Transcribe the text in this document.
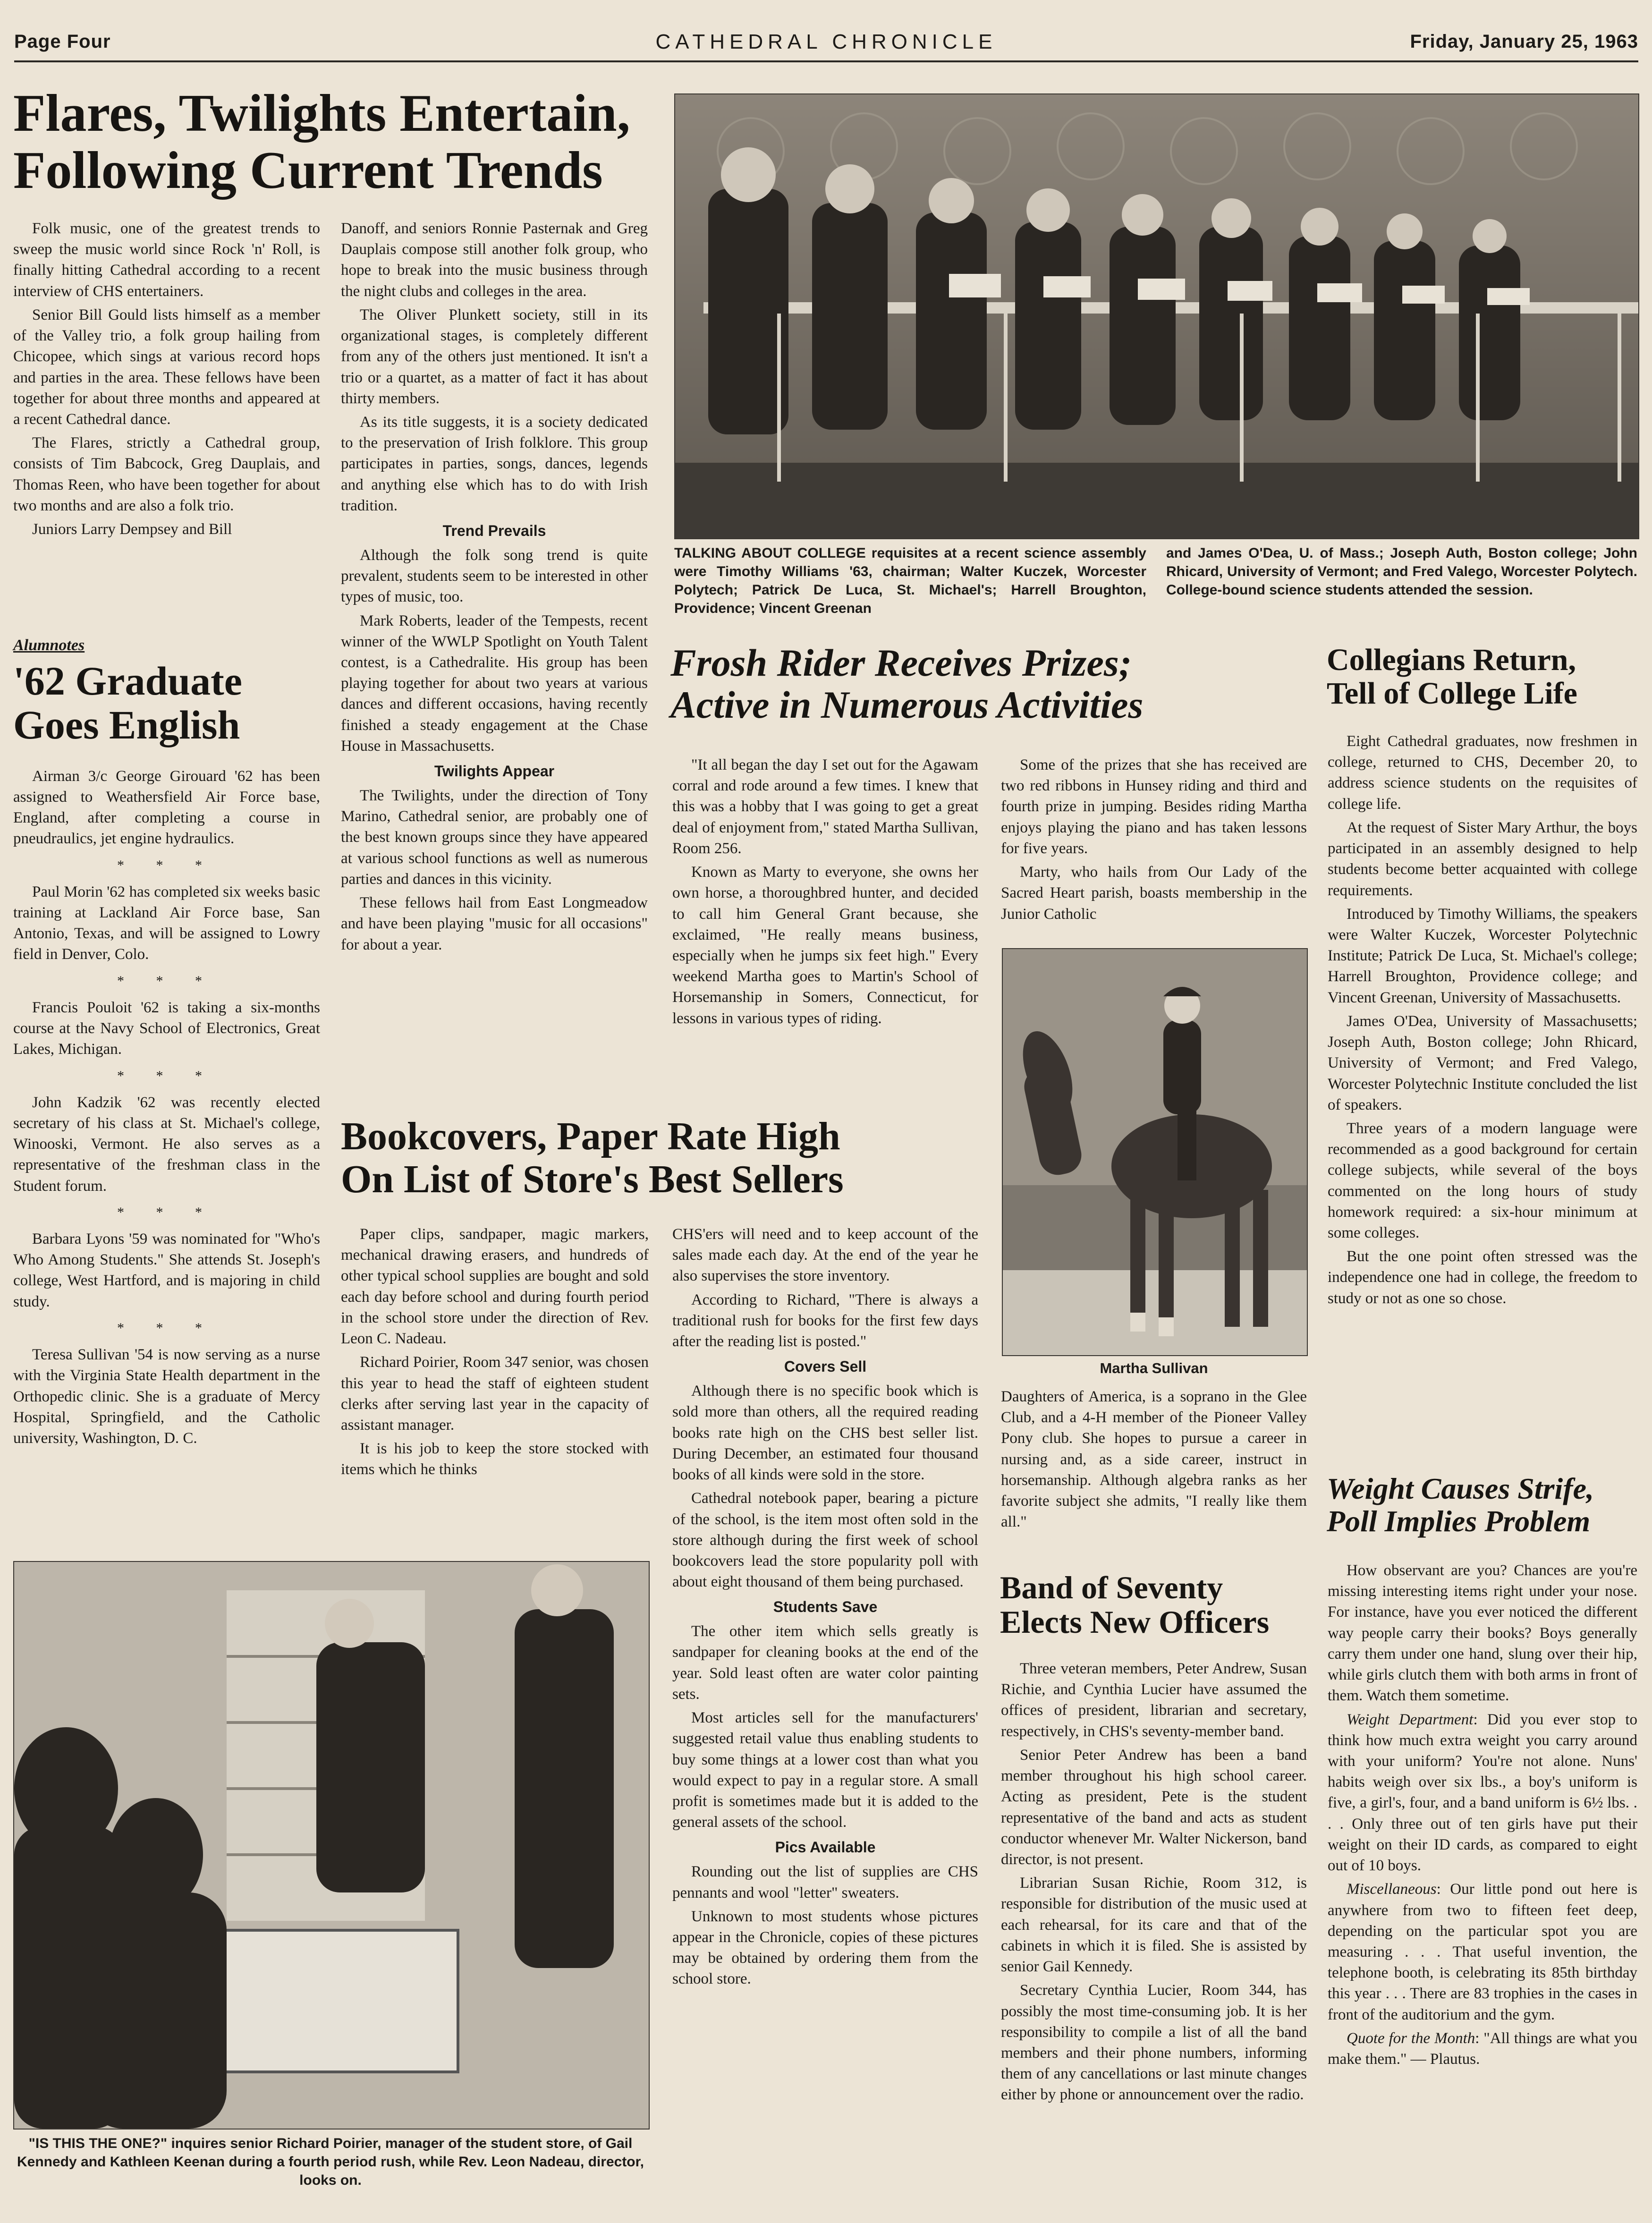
Page Four	CATHEDRAL CHRONICLE	Friday, January 25, 1963
Flares, Twilights Entertain,
Following Current Trends

Folk music, one of the greatest trends to sweep the music world since Rock 'n' Roll, is finally hitting Cathedral according to a recent interview of CHS entertainers.

Senior Bill Gould lists himself as a member of the Valley trio, a folk group hailing from Chicopee, which sings at various record hops and parties in the area. These fellows have been together for about three months and appeared at a recent Cathedral dance.

The Flares, strictly a Cathedral group, consists of Tim Babcock, Greg Dauplais, and Thomas Reen, who have been together for about two months and are also a folk trio.

Juniors Larry Dempsey and Bill

Danoff, and seniors Ronnie Pasternak and Greg Dauplais compose still another folk group, who hope to break into the music business through the night clubs and colleges in the area.

The Oliver Plunkett society, still in its organizational stages, is completely different from any of the others just mentioned. It isn't a trio or a quartet, as a matter of fact it has about thirty members.

As its title suggests, it is a society dedicated to the preservation of Irish folklore. This group participates in parties, songs, dances, legends and anything else which has to do with Irish tradition.

Trend Prevails

Although the folk song trend is quite prevalent, students seem to be interested in other types of music, too.

Mark Roberts, leader of the Tempests, recent winner of the WWLP Spotlight on Youth Talent contest, is a Cathedralite. His group has been playing together for about two years at various dances and different occasions, having recently finished a steady engagement at the Chase House in Massachusetts.

Twilights Appear

The Twilights, under the direction of Tony Marino, Cathedral senior, are probably one of the best known groups since they have appeared at various school functions as well as numerous parties and dances in this vicinity.

These fellows hail from East Longmeadow and have been playing "music for all occasions" for about a year.

TALKING ABOUT COLLEGE requisites at a recent science assembly were Timothy Williams '63, chairman; Walter Kuczek, Worcester Polytech; Patrick De Luca, St. Michael's; Harrell Broughton, Providence; Vincent Greenan
and James O'Dea, U. of Mass.; Joseph Auth, Boston college; John Rhicard, University of Vermont; and Fred Valego, Worcester Polytech. College-bound science students attended the session.
Alumnotes
'62 Graduate
Goes English

Airman 3/c George Girouard '62 has been assigned to Weathersfield Air Force base, England, after completing a course in pneudraulics, jet engine hydraulics.

* * *

Paul Morin '62 has completed six weeks basic training at Lackland Air Force base, San Antonio, Texas, and will be assigned to Lowry field in Denver, Colo.

* * *

Francis Pouloit '62 is taking a six-months course at the Navy School of Electronics, Great Lakes, Michigan.

* * *

John Kadzik '62 was recently elected secretary of his class at St. Michael's college, Winooski, Vermont. He also serves as a representative of the freshman class in the Student forum.

* * *

Barbara Lyons '59 was nominated for "Who's Who Among Students." She attends St. Joseph's college, West Hartford, and is majoring in child study.

* * *

Teresa Sullivan '54 is now serving as a nurse with the Virginia State Health department in the Orthopedic clinic. She is a graduate of Mercy Hospital, Springfield, and the Catholic university, Washington, D. C.

Frosh Rider Receives Prizes;
Active in Numerous Activities

"It all began the day I set out for the Agawam corral and rode around a few times. I knew that this was a hobby that I was going to get a great deal of enjoyment from," stated Martha Sullivan, Room 256.

Known as Marty to everyone, she owns her own horse, a thoroughbred hunter, and decided to call him General Grant because, she exclaimed, "He really means business, especially when he jumps six feet high." Every weekend Martha goes to Martin's School of Horsemanship in Somers, Connecticut, for lessons in various types of riding.

Some of the prizes that she has received are two red ribbons in Hunsey riding and third and fourth prize in jumping. Besides riding Martha enjoys playing the piano and has taken lessons for five years.

Marty, who hails from Our Lady of the Sacred Heart parish, boasts membership in the Junior Catholic

Martha Sullivan

Daughters of America, is a soprano in the Glee Club, and a 4-H member of the Pioneer Valley Pony club. She hopes to pursue a career in nursing and, as a side career, instruct in horsemanship. Although algebra ranks as her favorite subject she admits, "I really like them all."

Collegians Return,
Tell of College Life

Eight Cathedral graduates, now freshmen in college, returned to CHS, December 20, to address science students on the requisites of college life.

At the request of Sister Mary Arthur, the boys participated in an assembly designed to help students become better acquainted with college requirements.

Introduced by Timothy Williams, the speakers were Walter Kuczek, Worcester Polytechnic Institute; Patrick De Luca, St. Michael's college; Harrell Broughton, Providence college; and Vincent Greenan, University of Massachusetts.

James O'Dea, University of Massachusetts; Joseph Auth, Boston college; John Rhicard, University of Vermont; and Fred Valego, Worcester Polytechnic Institute concluded the list of speakers.

Three years of a modern language were recommended as a good background for certain college subjects, while several of the boys commented on the long hours of study homework required: a six-hour minimum at some colleges.

But the one point often stressed was the independence one had in college, the freedom to study or not as one so chose.

Bookcovers, Paper Rate High
On List of Store's Best Sellers

Paper clips, sandpaper, magic markers, mechanical drawing erasers, and hundreds of other typical school supplies are bought and sold each day before school and during fourth period in the school store under the direction of Rev. Leon C. Nadeau.

Richard Poirier, Room 347 senior, was chosen this year to head the staff of eighteen student clerks after serving last year in the capacity of assistant manager.

It is his job to keep the store stocked with items which he thinks

CHS'ers will need and to keep account of the sales made each day. At the end of the year he also supervises the store inventory.

According to Richard, "There is always a traditional rush for books for the first few days after the reading list is posted."

Covers Sell

Although there is no specific book which is sold more than others, all the required reading books rate high on the CHS best seller list. During December, an estimated four thousand books of all kinds were sold in the store.

Cathedral notebook paper, bearing a picture of the school, is the item most often sold in the store although during the first week of school bookcovers lead the store popularity poll with about eight thousand of them being purchased.

Students Save

The other item which sells greatly is sandpaper for cleaning books at the end of the year. Sold least often are water color painting sets.

Most articles sell for the manufacturers' suggested retail value thus enabling students to buy some things at a lower cost than what you would expect to pay in a regular store. A small profit is sometimes made but it is added to the general assets of the school.

Pics Available

Rounding out the list of supplies are CHS pennants and wool "letter" sweaters.

Unknown to most students whose pictures appear in the Chronicle, copies of these pictures may be obtained by ordering them from the school store.

"IS THIS THE ONE?" inquires senior Richard Poirier, manager of the student store, of Gail Kennedy and Kathleen Keenan during a fourth period rush, while Rev. Leon Nadeau, director, looks on.
Band of Seventy
Elects New Officers

Three veteran members, Peter Andrew, Susan Richie, and Cynthia Lucier have assumed the offices of president, librarian and secretary, respectively, in CHS's seventy-member band.

Senior Peter Andrew has been a band member throughout his high school career. Acting as president, Pete is the student representative of the band and acts as student conductor whenever Mr. Walter Nickerson, band director, is not present.

Librarian Susan Richie, Room 312, is responsible for distribution of the music used at each rehearsal, for its care and that of the cabinets in which it is filed. She is assisted by senior Gail Kennedy.

Secretary Cynthia Lucier, Room 344, has possibly the most time-consuming job. It is her responsibility to compile a list of all the band members and their phone numbers, informing them of any cancellations or last minute changes either by phone or announcement over the radio.

Weight Causes Strife,
Poll Implies Problem

How observant are you? Chances are you're missing interesting items right under your nose. For instance, have you ever noticed the different way people carry their books? Boys generally carry them under one hand, slung over their hip, while girls clutch them with both arms in front of them. Watch them sometime.

Weight Department: Did you ever stop to think how much extra weight you carry around with your uniform? You're not alone. Nuns' habits weigh over six lbs., a boy's uniform is five, a girl's, four, and a band uniform is 6½ lbs. . . . Only three out of ten girls have put their weight on their ID cards, as compared to eight out of 10 boys.

Miscellaneous: Our little pond out here is anywhere from two to fifteen feet deep, depending on the particular spot you are measuring . . . That useful invention, the telephone booth, is celebrating its 85th birthday this year . . . There are 83 trophies in the cases in front of the auditorium and the gym.

Quote for the Month: "All things are what you make them." — Plautus.
